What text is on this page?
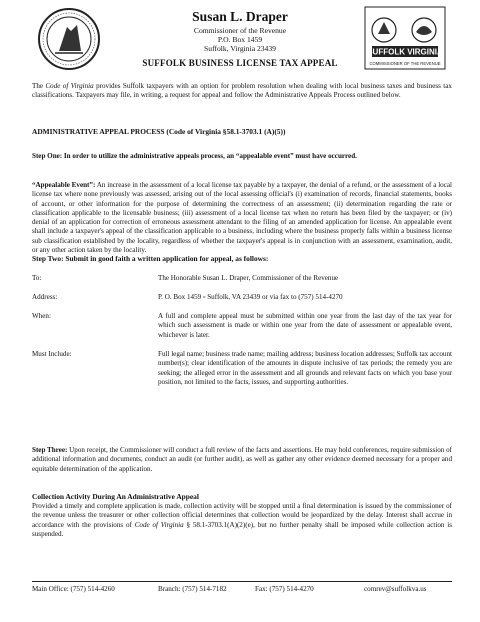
SUFFOLK VIRGINIA
COMMISSIONER OF THE REVENUE
Susan L. Draper
Commissioner of the Revenue
P.O. Box 1459
Suffolk, Virginia 23439
SUFFOLK BUSINESS LICENSE TAX APPEAL
The Code of Virginia provides Suffolk taxpayers with an option for problem resolution when dealing with local business taxes and business tax classifications. Taxpayers may file, in writing, a request for appeal and follow the Administrative Appeals Process outlined below.
ADMINISTRATIVE APPEAL PROCESS (Code of Virginia §58.1-3703.1 (A)(5))
Step One: In order to utilize the administrative appeals process, an “appealable event” must have occurred.
“Appealable Event”: An increase in the assessment of a local license tax payable by a taxpayer, the denial of a refund, or the assessment of a local license tax where none previously was assessed, arising out of the local assessing official's (i) examination of records, financial statements, books of account, or other information for the purpose of determining the correctness of an assessment; (ii) determination regarding the rate or classification applicable to the licensable business; (iii) assessment of a local license tax when no return has been filed by the taxpayer; or (iv) denial of an application for correction of erroneous assessment attendant to the filing of an amended application for license. An appealable event shall include a taxpayer's appeal of the classification applicable to a business, including where the business properly falls within a business license sub classification established by the locality, regardless of whether the taxpayer's appeal is in conjunction with an assessment, examination, audit, or any other action taken by the locality.
Step Two: Submit in good faith a written application for appeal, as follows:
To:	The Honorable Susan L. Draper, Commissioner of the Revenue
Address:	P. O. Box 1459 ▫ Suffolk, VA 23439 or via fax to (757) 514-4270
When:	A full and complete appeal must be submitted within one year from the last day of the tax year for which such assessment is made or within one year from the date of assessment or appealable event, whichever is later.
Must Include:	Full legal name; business trade name; mailing address; business location addresses; Suffolk tax account number(s); clear identification of the amounts in dispute inclusive of tax periods; the remedy you are seeking; the alleged error in the assessment and all grounds and relevant facts on which you base your position, not limited to the facts, issues, and supporting authorities.
Step Three: Upon receipt, the Commissioner will conduct a full review of the facts and assertions. He may hold conferences, require submission of additional information and documents, conduct an audit (or further audit), as well as gather any other evidence deemed necessary for a proper and equitable determination of the application.
Collection Activity During An Administrative Appeal
Provided a timely and complete application is made, collection activity will be stopped until a final determination is issued by the commissioner of the revenue unless the treasurer or other collection official determines that collection would be jeopardized by the delay. Interest shall accrue in accordance with the provisions of Code of Virginia § 58.1-3703.1(A)(2)(e), but no further penalty shall be imposed while collection action is suspended.
Main Office: (757) 514-4260	Branch: (757) 514-7182	Fax: (757) 514-4270	comrev@suffolkva.us
